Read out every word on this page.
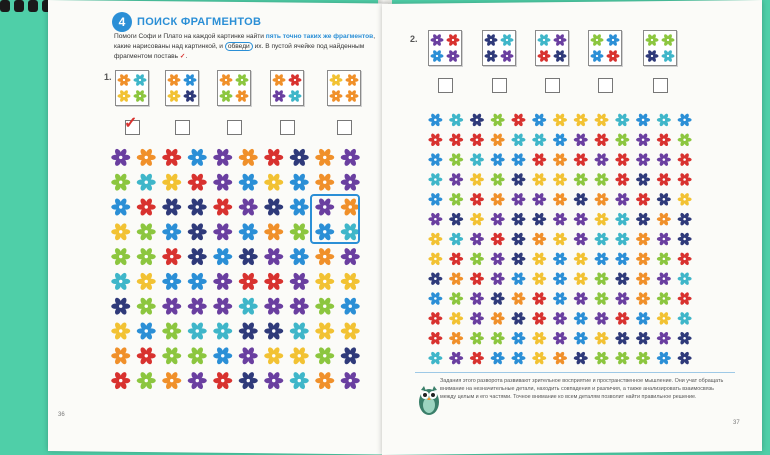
4	ПОИСК ФРАГМЕНТОВ
Помоги Софи и Плато на каждой картинке найти пять точно таких же фрагментов, какие нарисованы над картинкой, и обведи их. В пустой ячейке под найденным фрагментом поставь ✓.
1.
✓
36
2.
Задания этого разворота развивают зрительное восприятие и пространственное мышление. Они учат обращать внимание на незначительные детали, находить совпадения и различия, а также анализировать взаимосвязь между целым и его частями. Точное внимание ко всем деталям позволит найти правильное решение.
37
